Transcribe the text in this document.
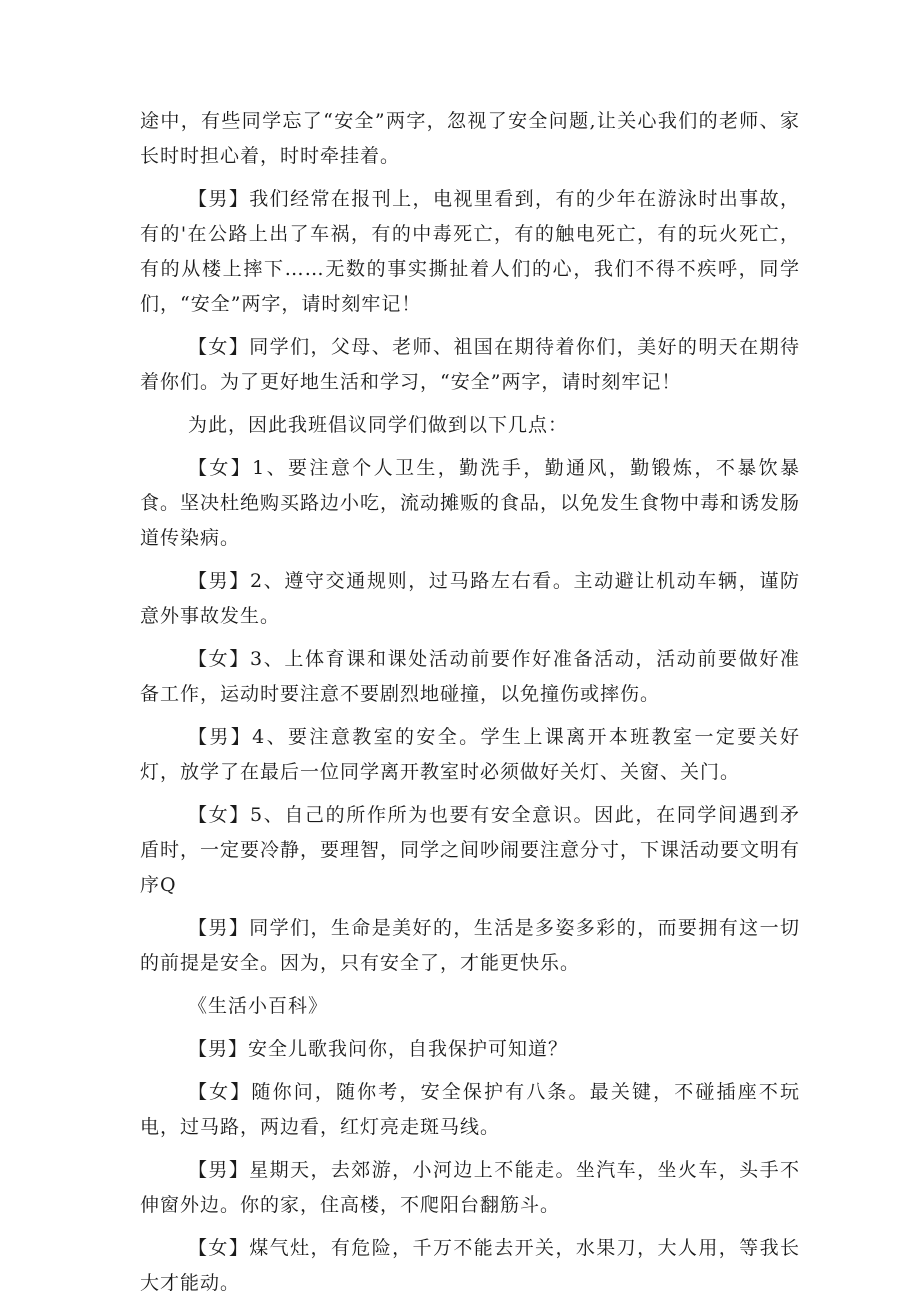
途中，有些同学忘了“安全”两字，忽视了安全问题,让关心我们的老师、家长时时担心着，时时牵挂着。

【男】我们经常在报刊上，电视里看到，有的少年在游泳时出事故，有的'在公路上出了车祸，有的中毒死亡，有的触电死亡，有的玩火死亡，有的从楼上摔下……无数的事实撕扯着人们的心，我们不得不疾呼，同学们，“安全”两字，请时刻牢记！

【女】同学们，父母、老师、祖国在期待着你们，美好的明天在期待着你们。为了更好地生活和学习，“安全”两字，请时刻牢记！

为此，因此我班倡议同学们做到以下几点：

【女】1、要注意个人卫生，勤洗手，勤通风，勤锻炼，不暴饮暴食。坚决杜绝购买路边小吃，流动摊贩的食品，以免发生食物中毒和诱发肠道传染病。

【男】2、遵守交通规则，过马路左右看。主动避让机动车辆，谨防意外事故发生。

【女】3、上体育课和课处活动前要作好准备活动，活动前要做好准备工作，运动时要注意不要剧烈地碰撞，以免撞伤或摔伤。

【男】4、要注意教室的安全。学生上课离开本班教室一定要关好灯，放学了在最后一位同学离开教室时必须做好关灯、关窗、关门。

【女】5、自己的所作所为也要有安全意识。因此，在同学间遇到矛盾时，一定要冷静，要理智，同学之间吵闹要注意分寸，下课活动要文明有序Q

【男】同学们，生命是美好的，生活是多姿多彩的，而要拥有这一切的前提是安全。因为，只有安全了，才能更快乐。

《生活小百科》

【男】安全儿歌我问你，自我保护可知道？

【女】随你问，随你考，安全保护有八条。最关键，不碰插座不玩电，过马路，两边看，红灯亮走斑马线。

【男】星期天，去郊游，小河边上不能走。坐汽车，坐火车，头手不伸窗外边。你的家，住高楼，不爬阳台翻筋斗。

【女】煤气灶，有危险，千万不能去开关，水果刀，大人用，等我长大才能动。
